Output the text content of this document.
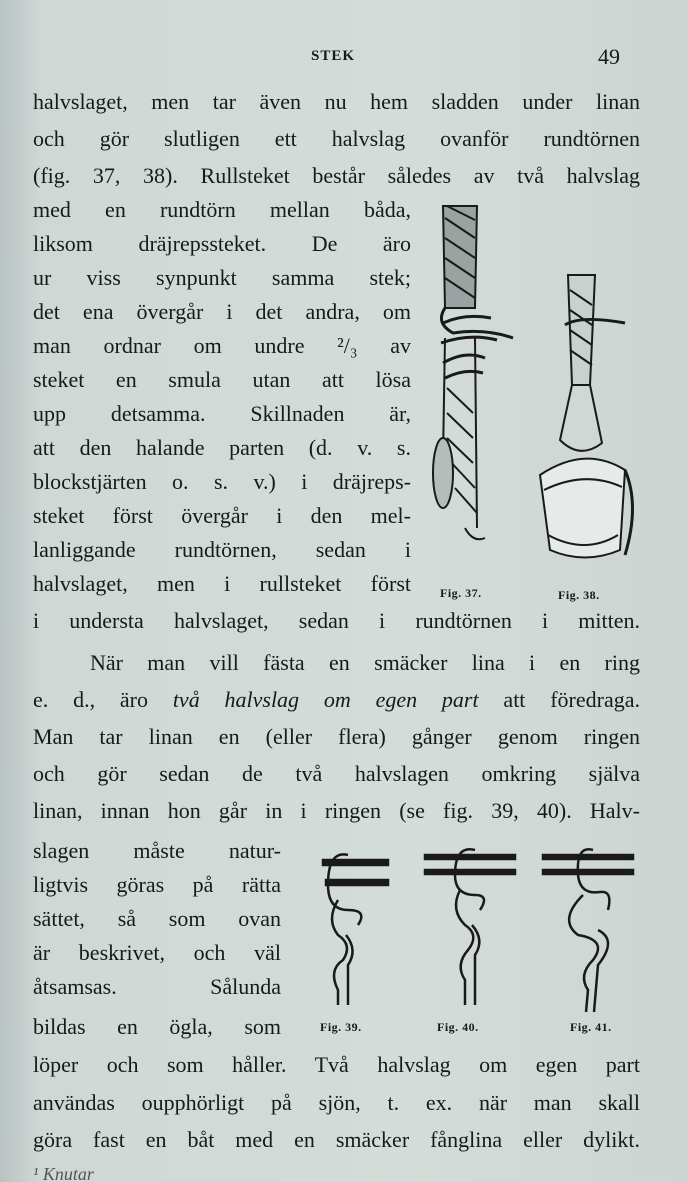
STEK	49
halvslaget, men tar även nu hem sladden under linan
och gör slutligen ett halvslag ovanför rundtörnen
(fig. 37, 38). Rullsteket består således av två halvslag
med en rundtörn mellan båda,
liksom dräjrepssteket. De äro
ur viss synpunkt samma stek;
det ena övergår i det andra, om
man ordnar om undre ²/₃ av
steket en smula utan att lösa
upp detsamma. Skillnaden är,
att den halande parten (d. v. s.
blockstjärten o. s. v.) i dräjreps-
steket först övergår i den mel-
lanliggande rundtörnen, sedan i
halvslaget, men i rullsteket först
i understa halvslaget, sedan i rundtörnen i mitten.
När man vill fästa en smäcker lina i en ring
e. d., äro två halvslag om egen part att föredraga.
Man tar linan en (eller flera) gånger genom ringen
och gör sedan de två halvslagen omkring själva
linan, innan hon går in i ringen (se fig. 39, 40). Halv-
slagen måste natur-
ligtvis göras på rätta
sättet, så som ovan
är beskrivet, och väl
åtsamsas. Sålunda
bildas en ögla, som
löper och som håller. Två halvslag om egen part
användas oupphörligt på sjön, t. ex. när man skall
göra fast en båt med en smäcker fånglina eller dylikt.
¹ Knutar
Fig. 37.	Fig. 38.
Fig. 39.	Fig. 40.	Fig. 41.
